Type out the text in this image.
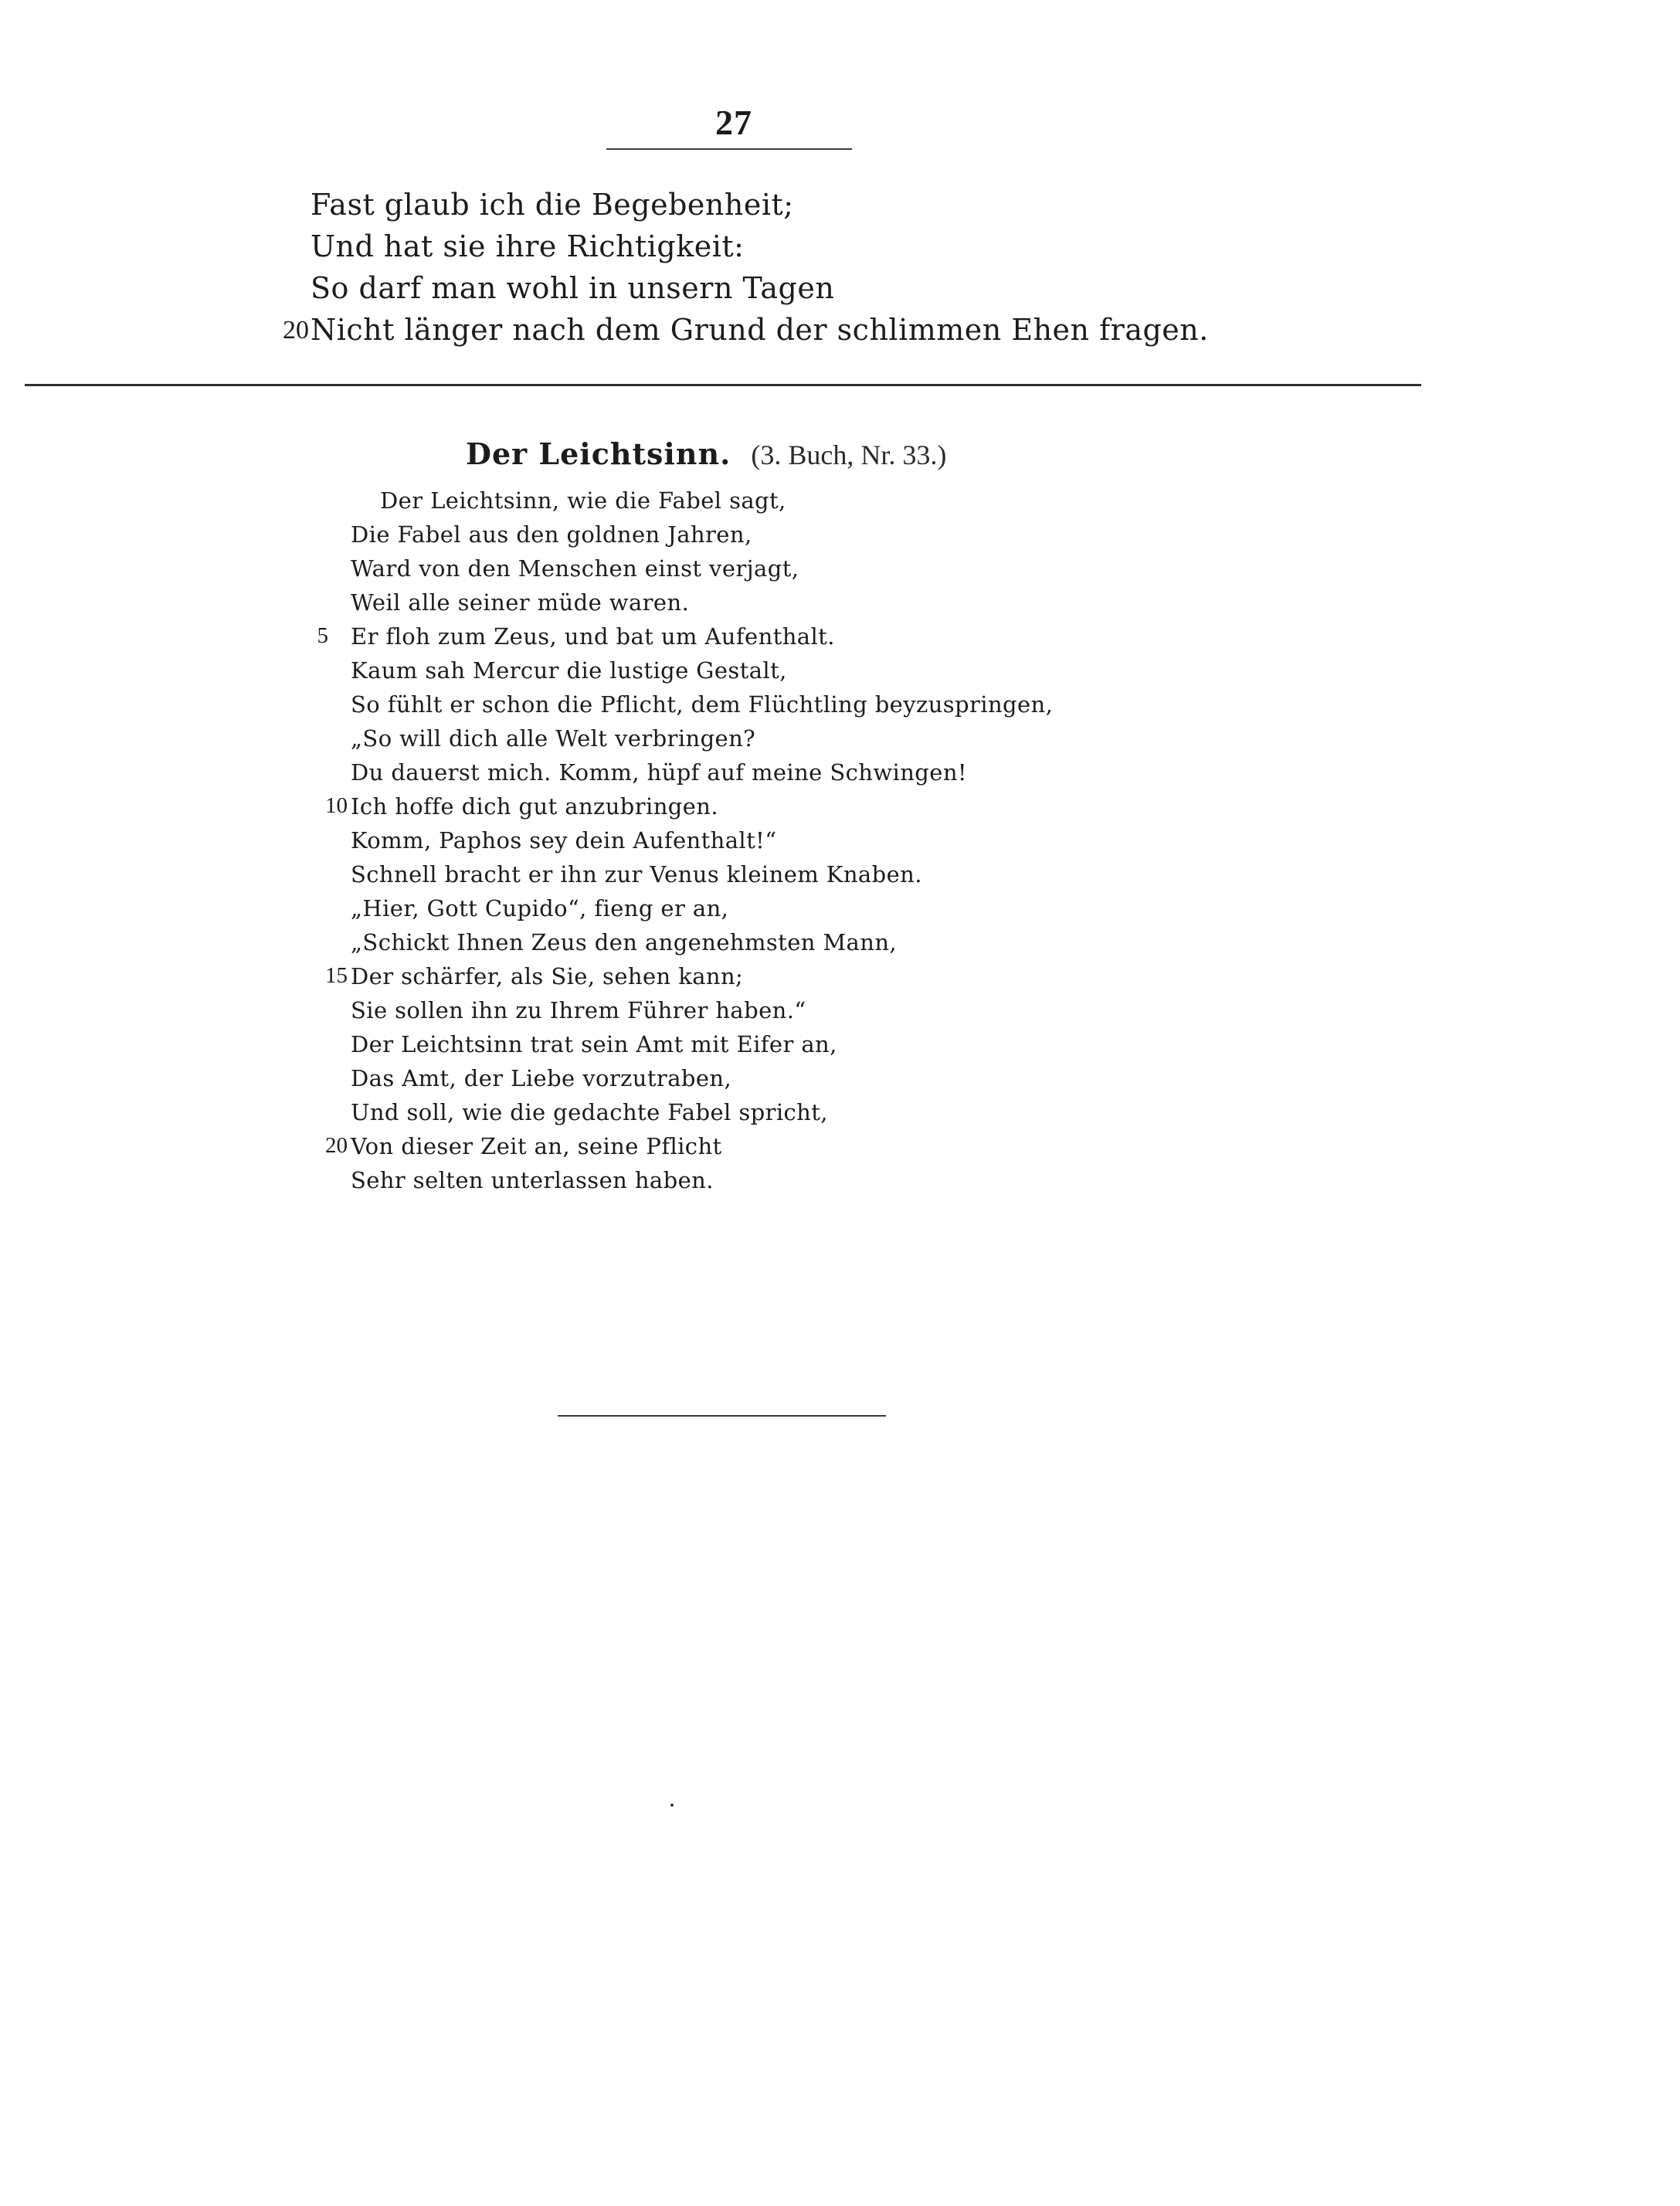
27
Fast glaub ich die Begebenheit;
Und hat sie ihre Richtigkeit:
So darf man wohl in unsern Tagen
20 Nicht länger nach dem Grund der schlimmen Ehen fragen.
Der Leichtsinn. (3. Buch, Nr. 33.)
Der Leichtsinn, wie die Fabel sagt,
Die Fabel aus den goldnen Jahren,
Ward von den Menschen einst verjagt,
Weil alle seiner müde waren.
5 Er floh zum Zeus, und bat um Aufenthalt.
Kaum sah Mercur die lustige Gestalt,
So fühlt er schon die Pflicht, dem Flüchtling beyzuspringen,
„So will dich alle Welt verbringen?
Du dauerst mich. Komm, hüpf auf meine Schwingen!
10 Ich hoffe dich gut anzubringen.
Komm, Paphos sey dein Aufenthalt!“
Schnell bracht er ihn zur Venus kleinem Knaben.
„Hier, Gott Cupido“, fieng er an,
„Schickt Ihnen Zeus den angenehmsten Mann,
15 Der schärfer, als Sie, sehen kann;
Sie sollen ihn zu Ihrem Führer haben.“
Der Leichtsinn trat sein Amt mit Eifer an,
Das Amt, der Liebe vorzutraben,
Und soll, wie die gedachte Fabel spricht,
20 Von dieser Zeit an, seine Pflicht
Sehr selten unterlassen haben.
